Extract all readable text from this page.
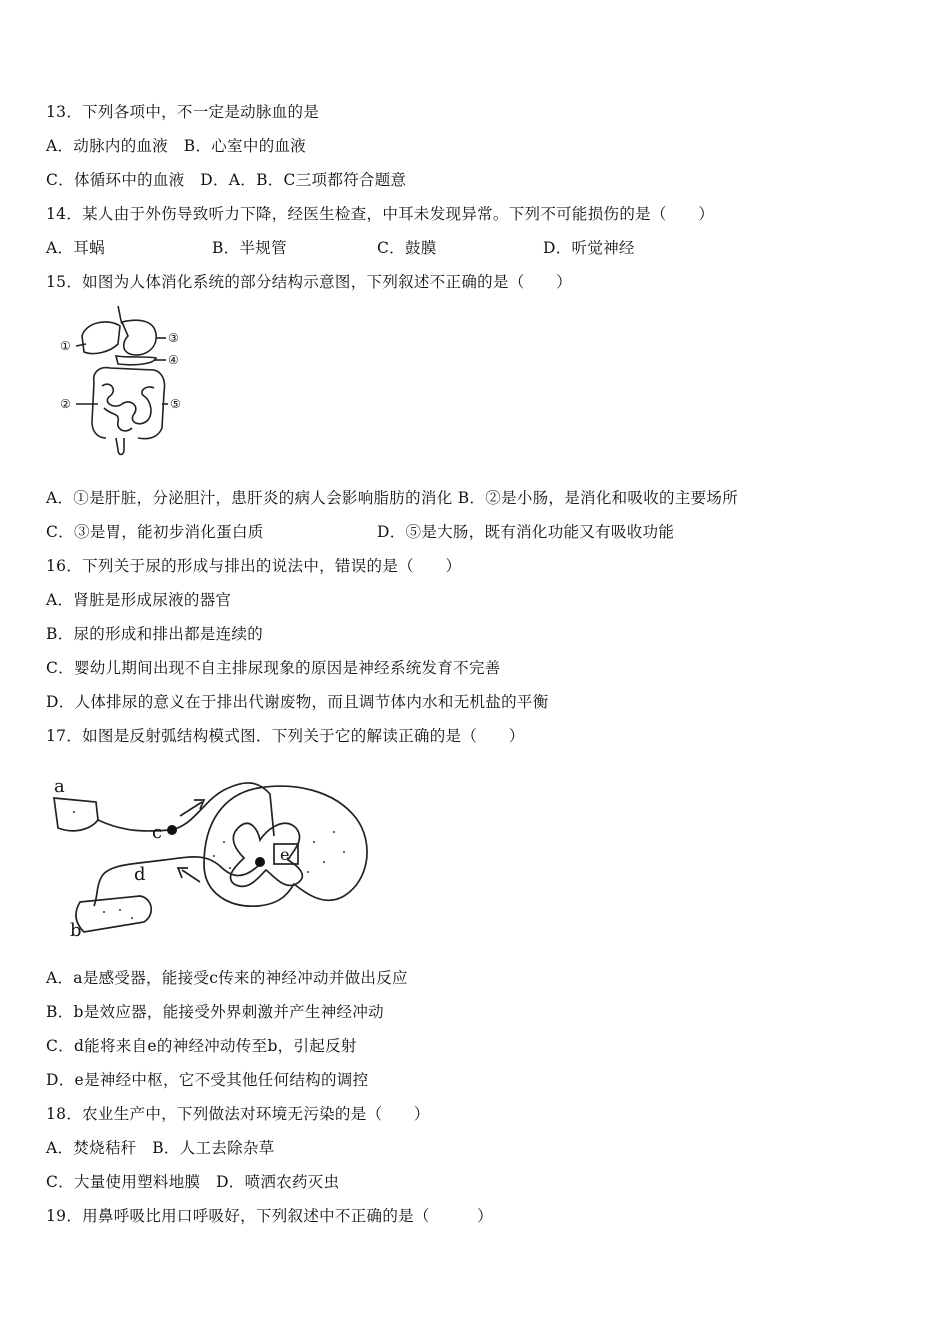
13．下列各项中，不一定是动脉血的是
A．动脉内的血液 B．心室中的血液
C．体循环中的血液 D．A．B．C三项都符合题意
14．某人由于外伤导致听力下降，经医生检查，中耳未发现异常。下列不可能损伤的是（　　）
A．耳蜗	B．半规管	C．鼓膜	D．听觉神经
15．如图为人体消化系统的部分结构示意图，下列叙述不正确的是（　　）
①
②
③
④
⑤
A．①是肝脏，分泌胆汁，患肝炎的病人会影响脂肪的消化 B．②是小肠，是消化和吸收的主要场所
C．③是胃，能初步消化蛋白质	D．⑤是大肠，既有消化功能又有吸收功能
16．下列关于尿的形成与排出的说法中，错误的是（　　）
A．肾脏是形成尿液的器官
B．尿的形成和排出都是连续的
C．婴幼儿期间出现不自主排尿现象的原因是神经系统发育不完善
D．人体排尿的意义在于排出代谢废物，而且调节体内水和无机盐的平衡
17．如图是反射弧结构模式图．下列关于它的解读正确的是（　　）
a
b
c
d
e
A．a是感受器，能接受c传来的神经冲动并做出反应
B．b是效应器，能接受外界刺激并产生神经冲动
C．d能将来自e的神经冲动传至b，引起反射
D．e是神经中枢，它不受其他任何结构的调控
18．农业生产中，下列做法对环境无污染的是（　　）
A．焚烧秸秆 B．人工去除杂草
C．大量使用塑料地膜 D．喷洒农药灭虫
19．用鼻呼吸比用口呼吸好，下列叙述中不正确的是（　　　）
